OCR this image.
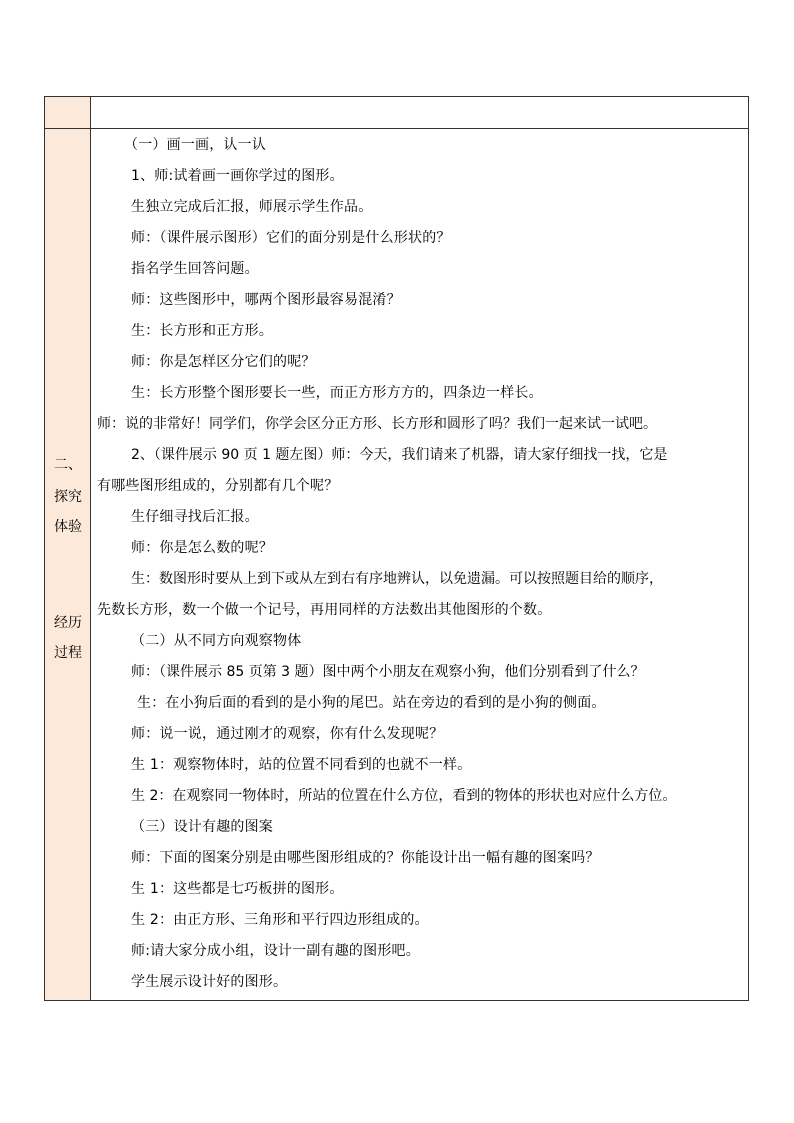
二、
探究
体验
经历
过程
（一）画一画，认一认
1、师:试着画一画你学过的图形。
生独立完成后汇报，师展示学生作品。
师：（课件展示图形）它们的面分别是什么形状的？
指名学生回答问题。
师：这些图形中，哪两个图形最容易混淆？
生：长方形和正方形。
师：你是怎样区分它们的呢？
生：长方形整个图形要长一些，而正方形方方的，四条边一样长。
师：说的非常好！同学们，你学会区分正方形、长方形和圆形了吗？我们一起来试一试吧。
2、（课件展示 90 页 1 题左图）师：今天，我们请来了机器，请大家仔细找一找，它是
有哪些图形组成的，分别都有几个呢？
生仔细寻找后汇报。
师：你是怎么数的呢？
生：数图形时要从上到下或从左到右有序地辨认，以免遗漏。可以按照题目给的顺序，
先数长方形，数一个做一个记号，再用同样的方法数出其他图形的个数。
（二）从不同方向观察物体
师：（课件展示 85 页第 3 题）图中两个小朋友在观察小狗，他们分别看到了什么？
生：在小狗后面的看到的是小狗的尾巴。站在旁边的看到的是小狗的侧面。
师：说一说，通过刚才的观察，你有什么发现呢？
生 1：观察物体时，站的位置不同看到的也就不一样。
生 2：在观察同一物体时，所站的位置在什么方位，看到的物体的形状也对应什么方位。
（三）设计有趣的图案
师：下面的图案分别是由哪些图形组成的？你能设计出一幅有趣的图案吗？
生 1：这些都是七巧板拼的图形。
生 2：由正方形、三角形和平行四边形组成的。
师:请大家分成小组，设计一副有趣的图形吧。
学生展示设计好的图形。
